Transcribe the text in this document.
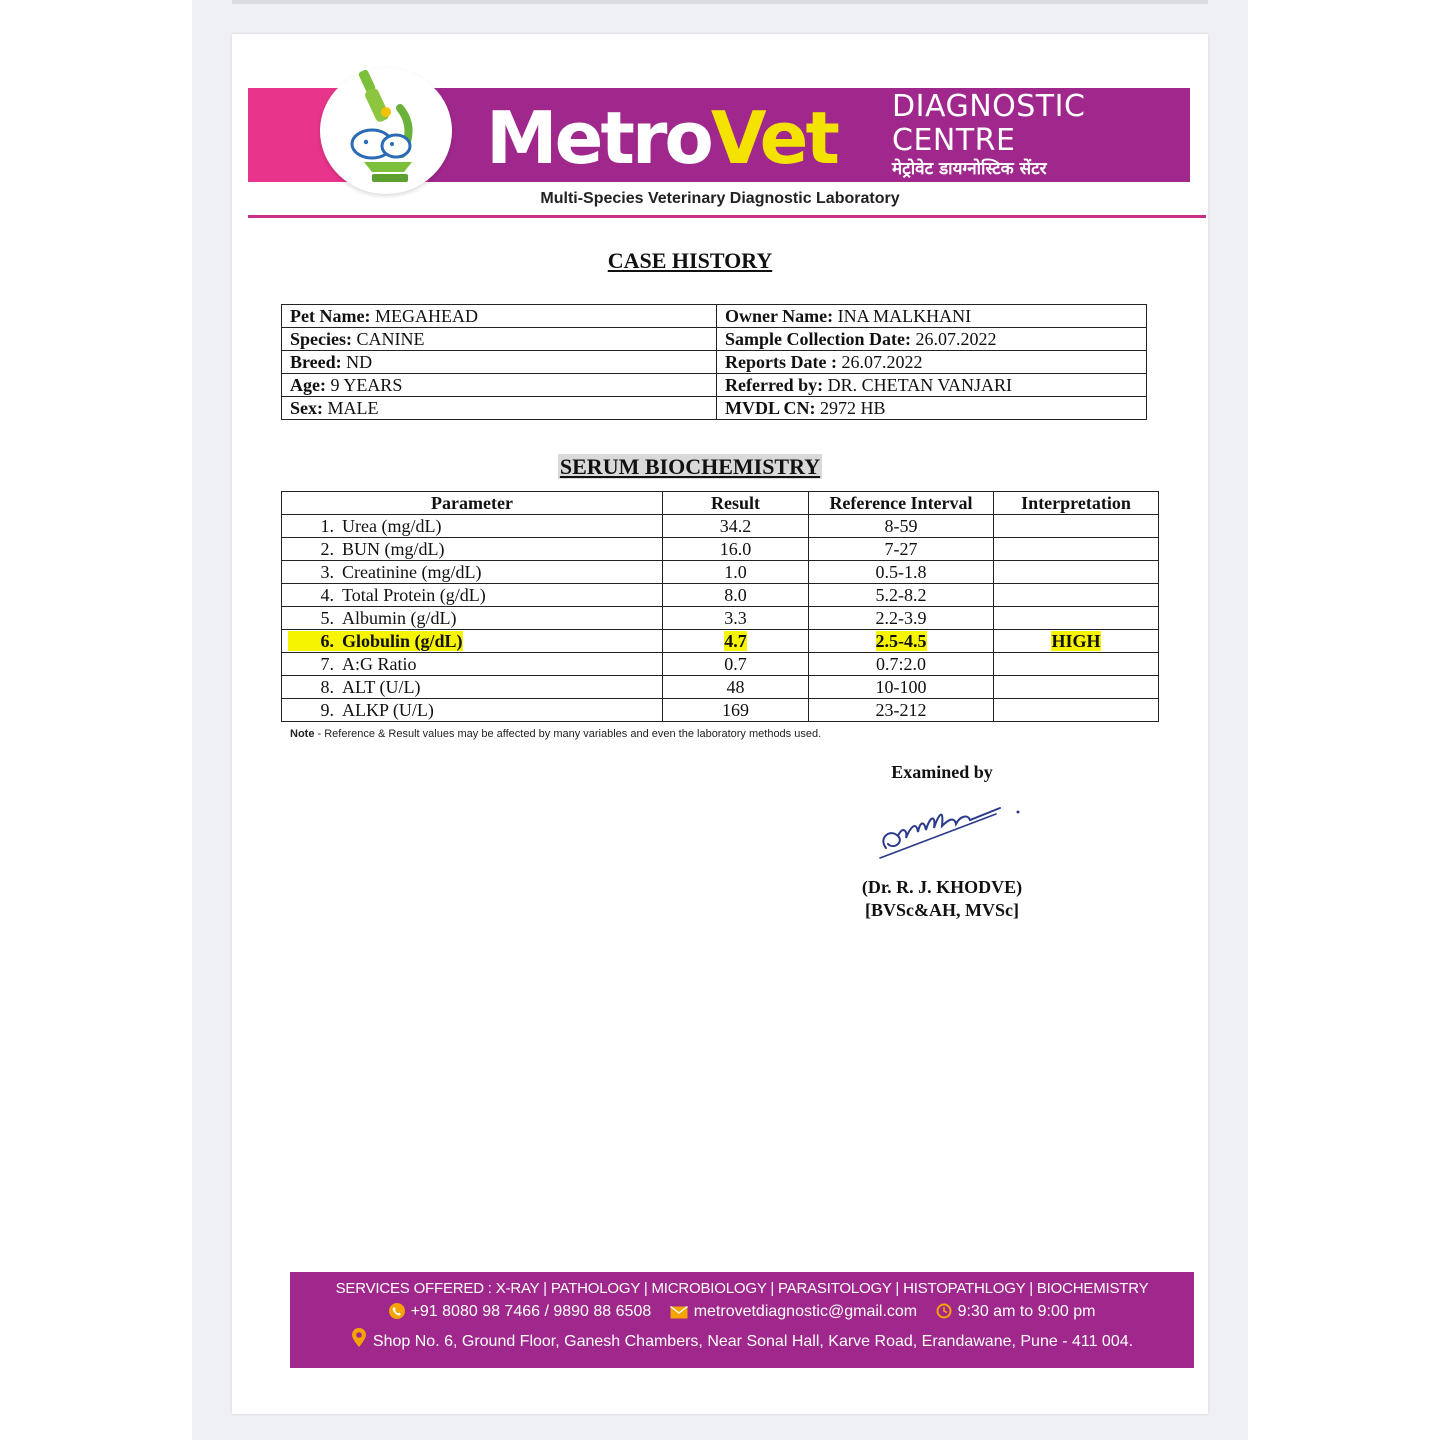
MetroVet DIAGNOSTIC
CENTRE
मेट्रोवेट डायग्नोस्टिक सेंटर
Multi-Species Veterinary Diagnostic Laboratory
CASE HISTORY
Pet Name: MEGAHEAD	Owner Name: INA MALKHANI
Species: CANINE	Sample Collection Date: 26.07.2022
Breed: ND	Reports Date : 26.07.2022
Age: 9 YEARS	Referred by: DR. CHETAN VANJARI
Sex: MALE	MVDL CN: 2972 HB
SERUM BIOCHEMISTRY
Parameter	Result	Reference Interval	Interpretation
1. Urea (mg/dL)	34.2	8-59	
2. BUN (mg/dL)	16.0	7-27	
3. Creatinine (mg/dL)	1.0	0.5-1.8	
4. Total Protein (g/dL)	8.0	5.2-8.2	
5. Albumin (g/dL)	3.3	2.2-3.9	
6. Globulin (g/dL)	4.7	2.5-4.5	HIGH
7. A:G Ratio	0.7	0.7:2.0	
8. ALT (U/L)	48	10-100	
9. ALKP (U/L)	169	23-212	
Note - Reference & Result values may be affected by many variables and even the laboratory methods used.
Examined by
(Dr. R. J. KHODVE)
[BVSc&AH, MVSc]
SERVICES OFFERED : X-RAY | PATHOLOGY | MICROBIOLOGY | PARASITOLOGY | HISTOPATHLOGY | BIOCHEMISTRY
+91 8080 98 7466 / 9890 88 6508	metrovetdiagnostic@gmail.com	9:30 am to 9:00 pm
Shop No. 6, Ground Floor, Ganesh Chambers, Near Sonal Hall, Karve Road, Erandawane, Pune - 411 004.
